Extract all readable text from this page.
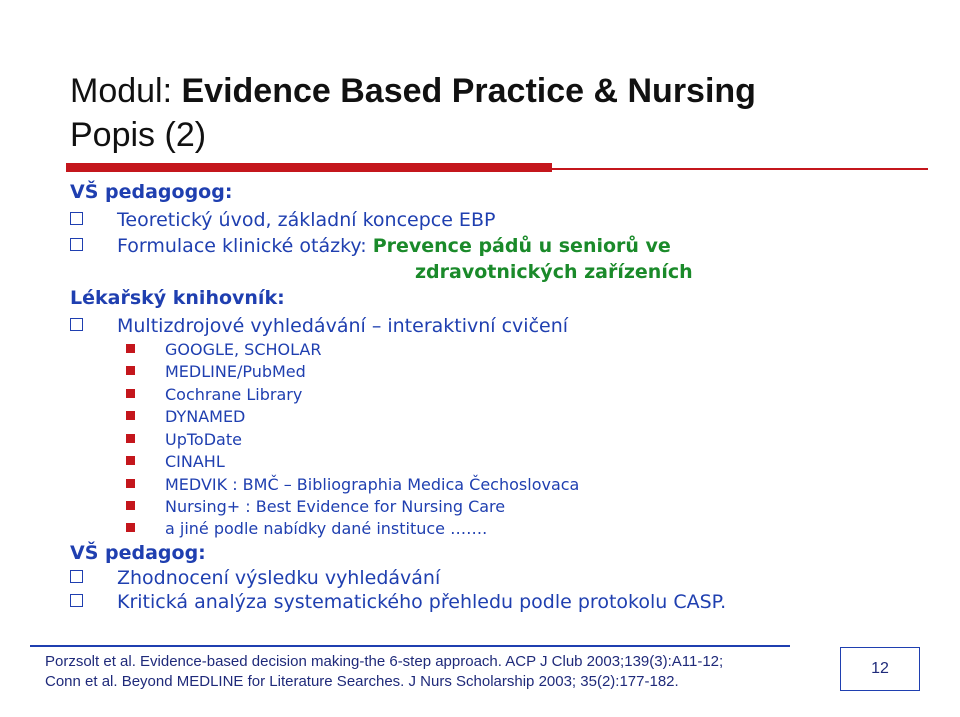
Modul: Evidence Based Practice & Nursing
Popis (2)
VŠ pedagogog:
Teoretický úvod, základní koncepce EBP
Formulace klinické otázky: Prevence pádů u seniorů ve
zdravotnických zařízeních
Lékařský knihovník:
Multizdrojové vyhledávání – interaktivní cvičení
GOOGLE, SCHOLAR
MEDLINE/PubMed
Cochrane Library
DYNAMED
UpToDate
CINAHL
MEDVIK : BMČ – Bibliographia Medica Čechoslovaca
Nursing+ : Best Evidence for Nursing Care
a jiné podle nabídky dané instituce …….
VŠ pedagog:
Zhodnocení výsledku vyhledávání
Kritická analýza systematického přehledu podle protokolu CASP.
Porzsolt et al. Evidence-based decision making-the 6-step approach. ACP J Club 2003;139(3):A11-12;
Conn et al. Beyond MEDLINE for Literature Searches. J Nurs Scholarship 2003; 35(2):177-182.
12
